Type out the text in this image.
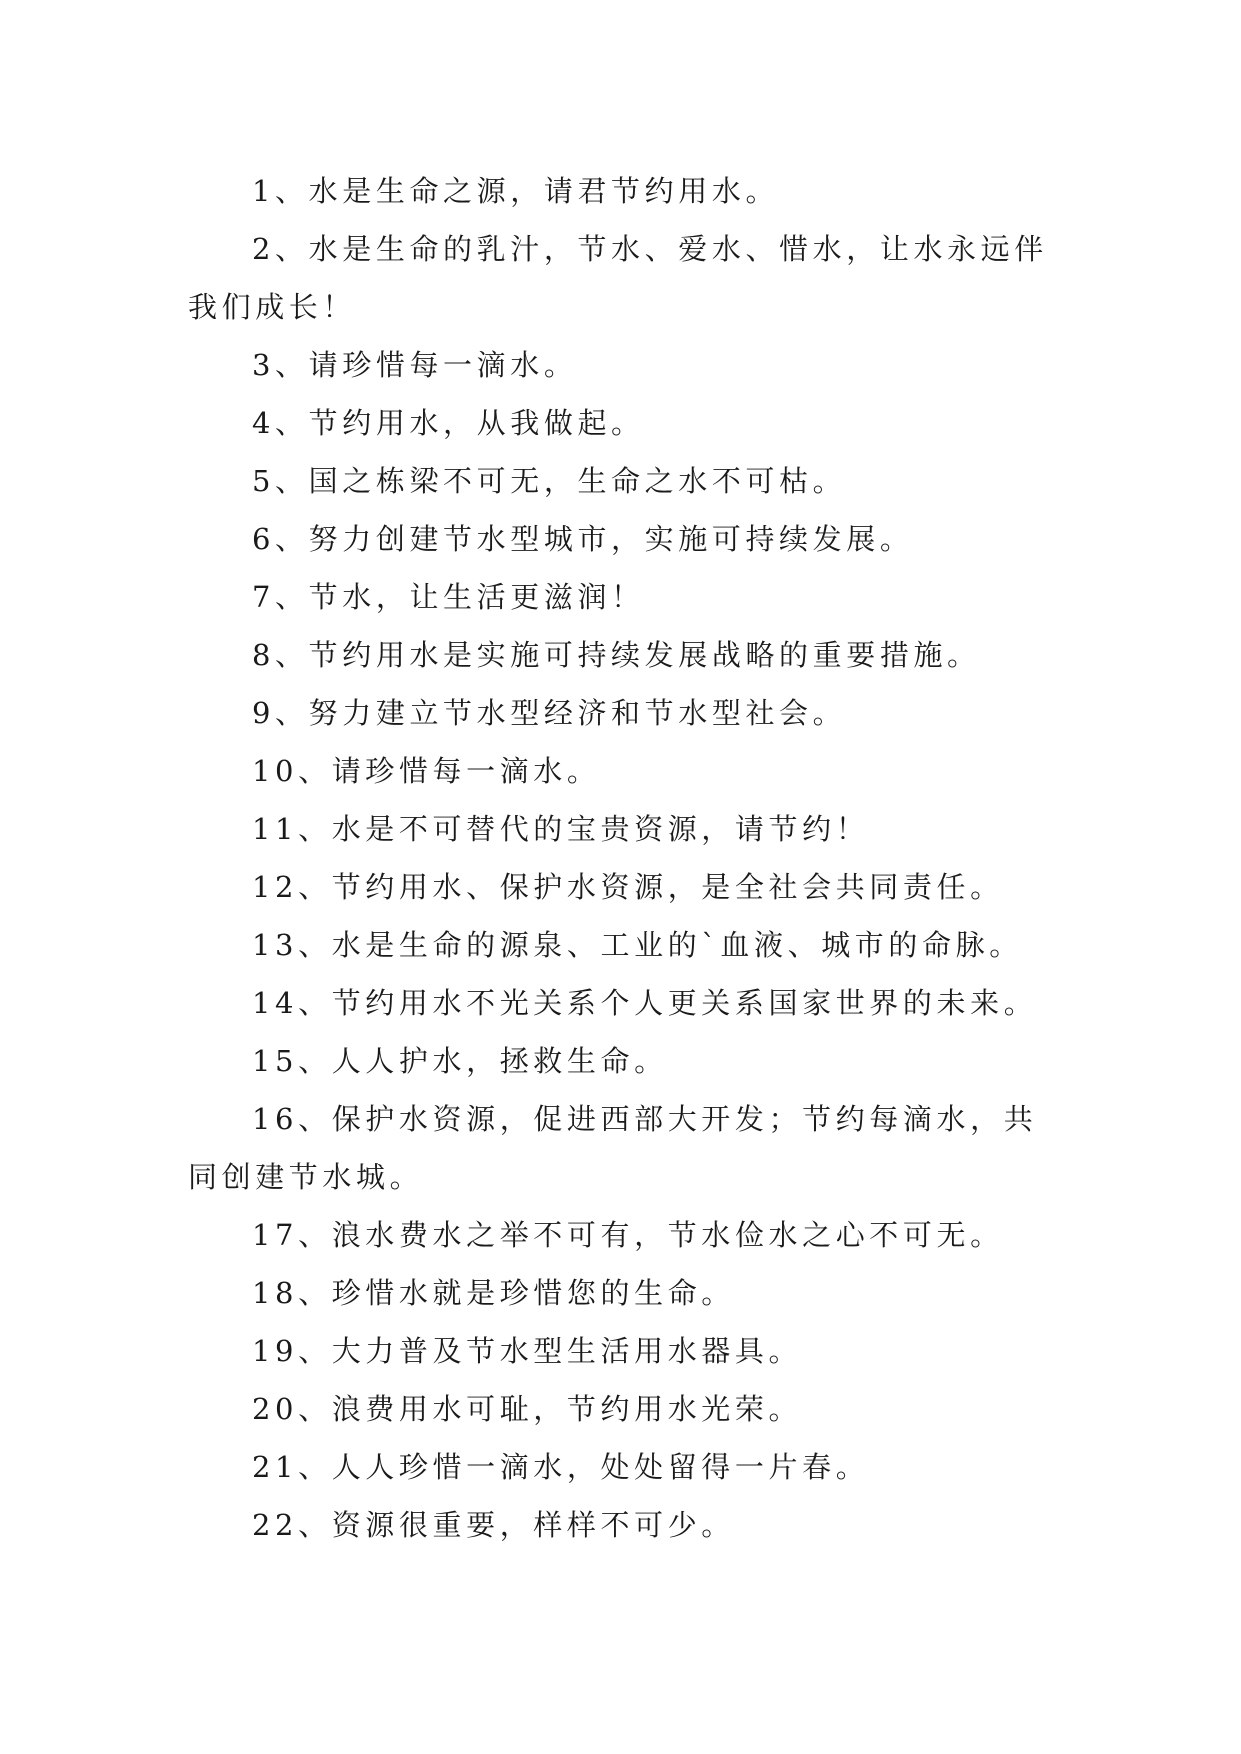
1、水是生命之源，请君节约用水。

2、水是生命的乳汁，节水、爱水、惜水，让水永远伴我们成长！

3、请珍惜每一滴水。

4、节约用水，从我做起。

5、国之栋梁不可无，生命之水不可枯。

6、努力创建节水型城市，实施可持续发展。

7、节水，让生活更滋润！

8、节约用水是实施可持续发展战略的重要措施。

9、努力建立节水型经济和节水型社会。

10、请珍惜每一滴水。

11、水是不可替代的宝贵资源，请节约！

12、节约用水、保护水资源，是全社会共同责任。

13、水是生命的源泉、工业的`血液、城市的命脉。

14、节约用水不光关系个人更关系国家世界的未来。

15、人人护水，拯救生命。

16、保护水资源，促进西部大开发；节约每滴水，共同创建节水城。

17、浪水费水之举不可有，节水俭水之心不可无。

18、珍惜水就是珍惜您的生命。

19、大力普及节水型生活用水器具。

20、浪费用水可耻，节约用水光荣。

21、人人珍惜一滴水，处处留得一片春。

22、资源很重要，样样不可少。
